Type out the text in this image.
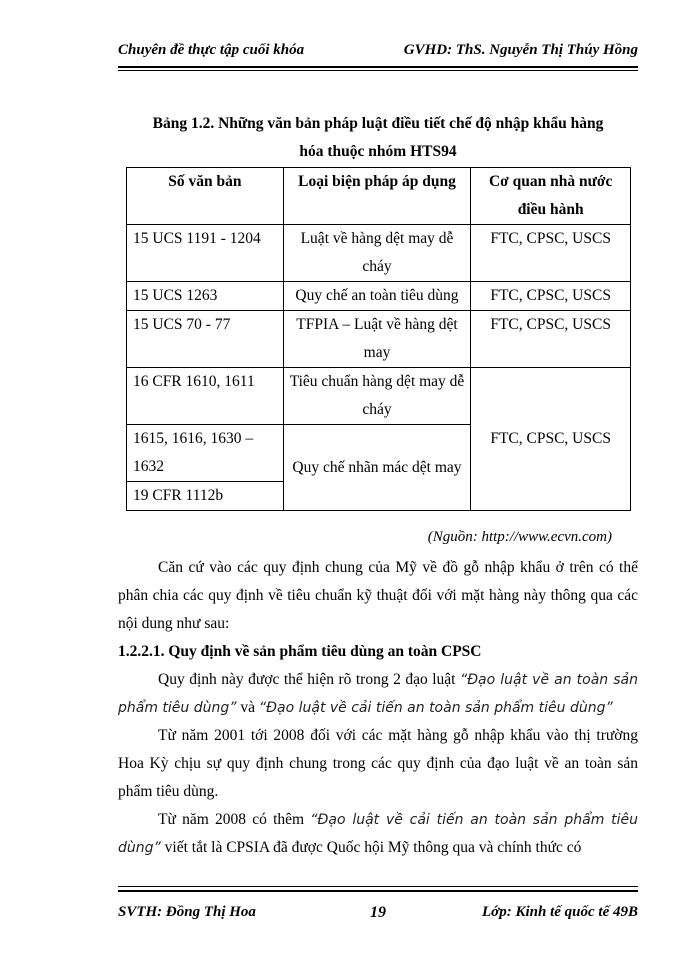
Chuyên đề thực tập cuối khóa	GVHD: ThS. Nguyễn Thị Thúy Hồng
Bảng 1.2. Những văn bản pháp luật điều tiết chế độ nhập khẩu hàng
hóa thuộc nhóm HTS94
Số văn bản	Loại biện pháp áp dụng	Cơ quan nhà nước điều hành
15 UCS 1191 - 1204	Luật về hàng dệt may dễ cháy	FTC, CPSC, USCS
15 UCS 1263	Quy chế an toàn tiêu dùng	FTC, CPSC, USCS
15 UCS 70 - 77	TFPIA – Luật về hàng dệt may	FTC, CPSC, USCS
16 CFR 1610, 1611	Tiêu chuẩn hàng dệt may dễ cháy	FTC, CPSC, USCS
1615, 1616, 1630 – 1632	Quy chế nhãn mác dệt may	
19 CFR 1112b		
(Nguồn: http://www.ecvn.com)

Căn cứ vào các quy định chung của Mỹ về đồ gỗ nhập khẩu ở trên có thể phân chia các quy định về tiêu chuẩn kỹ thuật đối với mặt hàng này thông qua các nội dung như sau:

1.2.2.1. Quy định về sản phẩm tiêu dùng an toàn CPSC

Quy định này được thể hiện rõ trong 2 đạo luật “Đạo luật về an toàn sản phẩm tiêu dùng” và “Đạo luật về cải tiến an toàn sản phẩm tiêu dùng”

Từ năm 2001 tới 2008 đối với các mặt hàng gỗ nhập khẩu vào thị trường Hoa Kỳ chịu sự quy định chung trong các quy định của đạo luật về an toàn sản phẩm tiêu dùng.

Từ năm 2008 có thêm “Đạo luật về cải tiến an toàn sản phẩm tiêu dùng” viết tắt là CPSIA đã được Quốc hội Mỹ thông qua và chính thức có

SVTH: Đồng Thị Hoa	19	Lớp: Kinh tế quốc tế 49B
